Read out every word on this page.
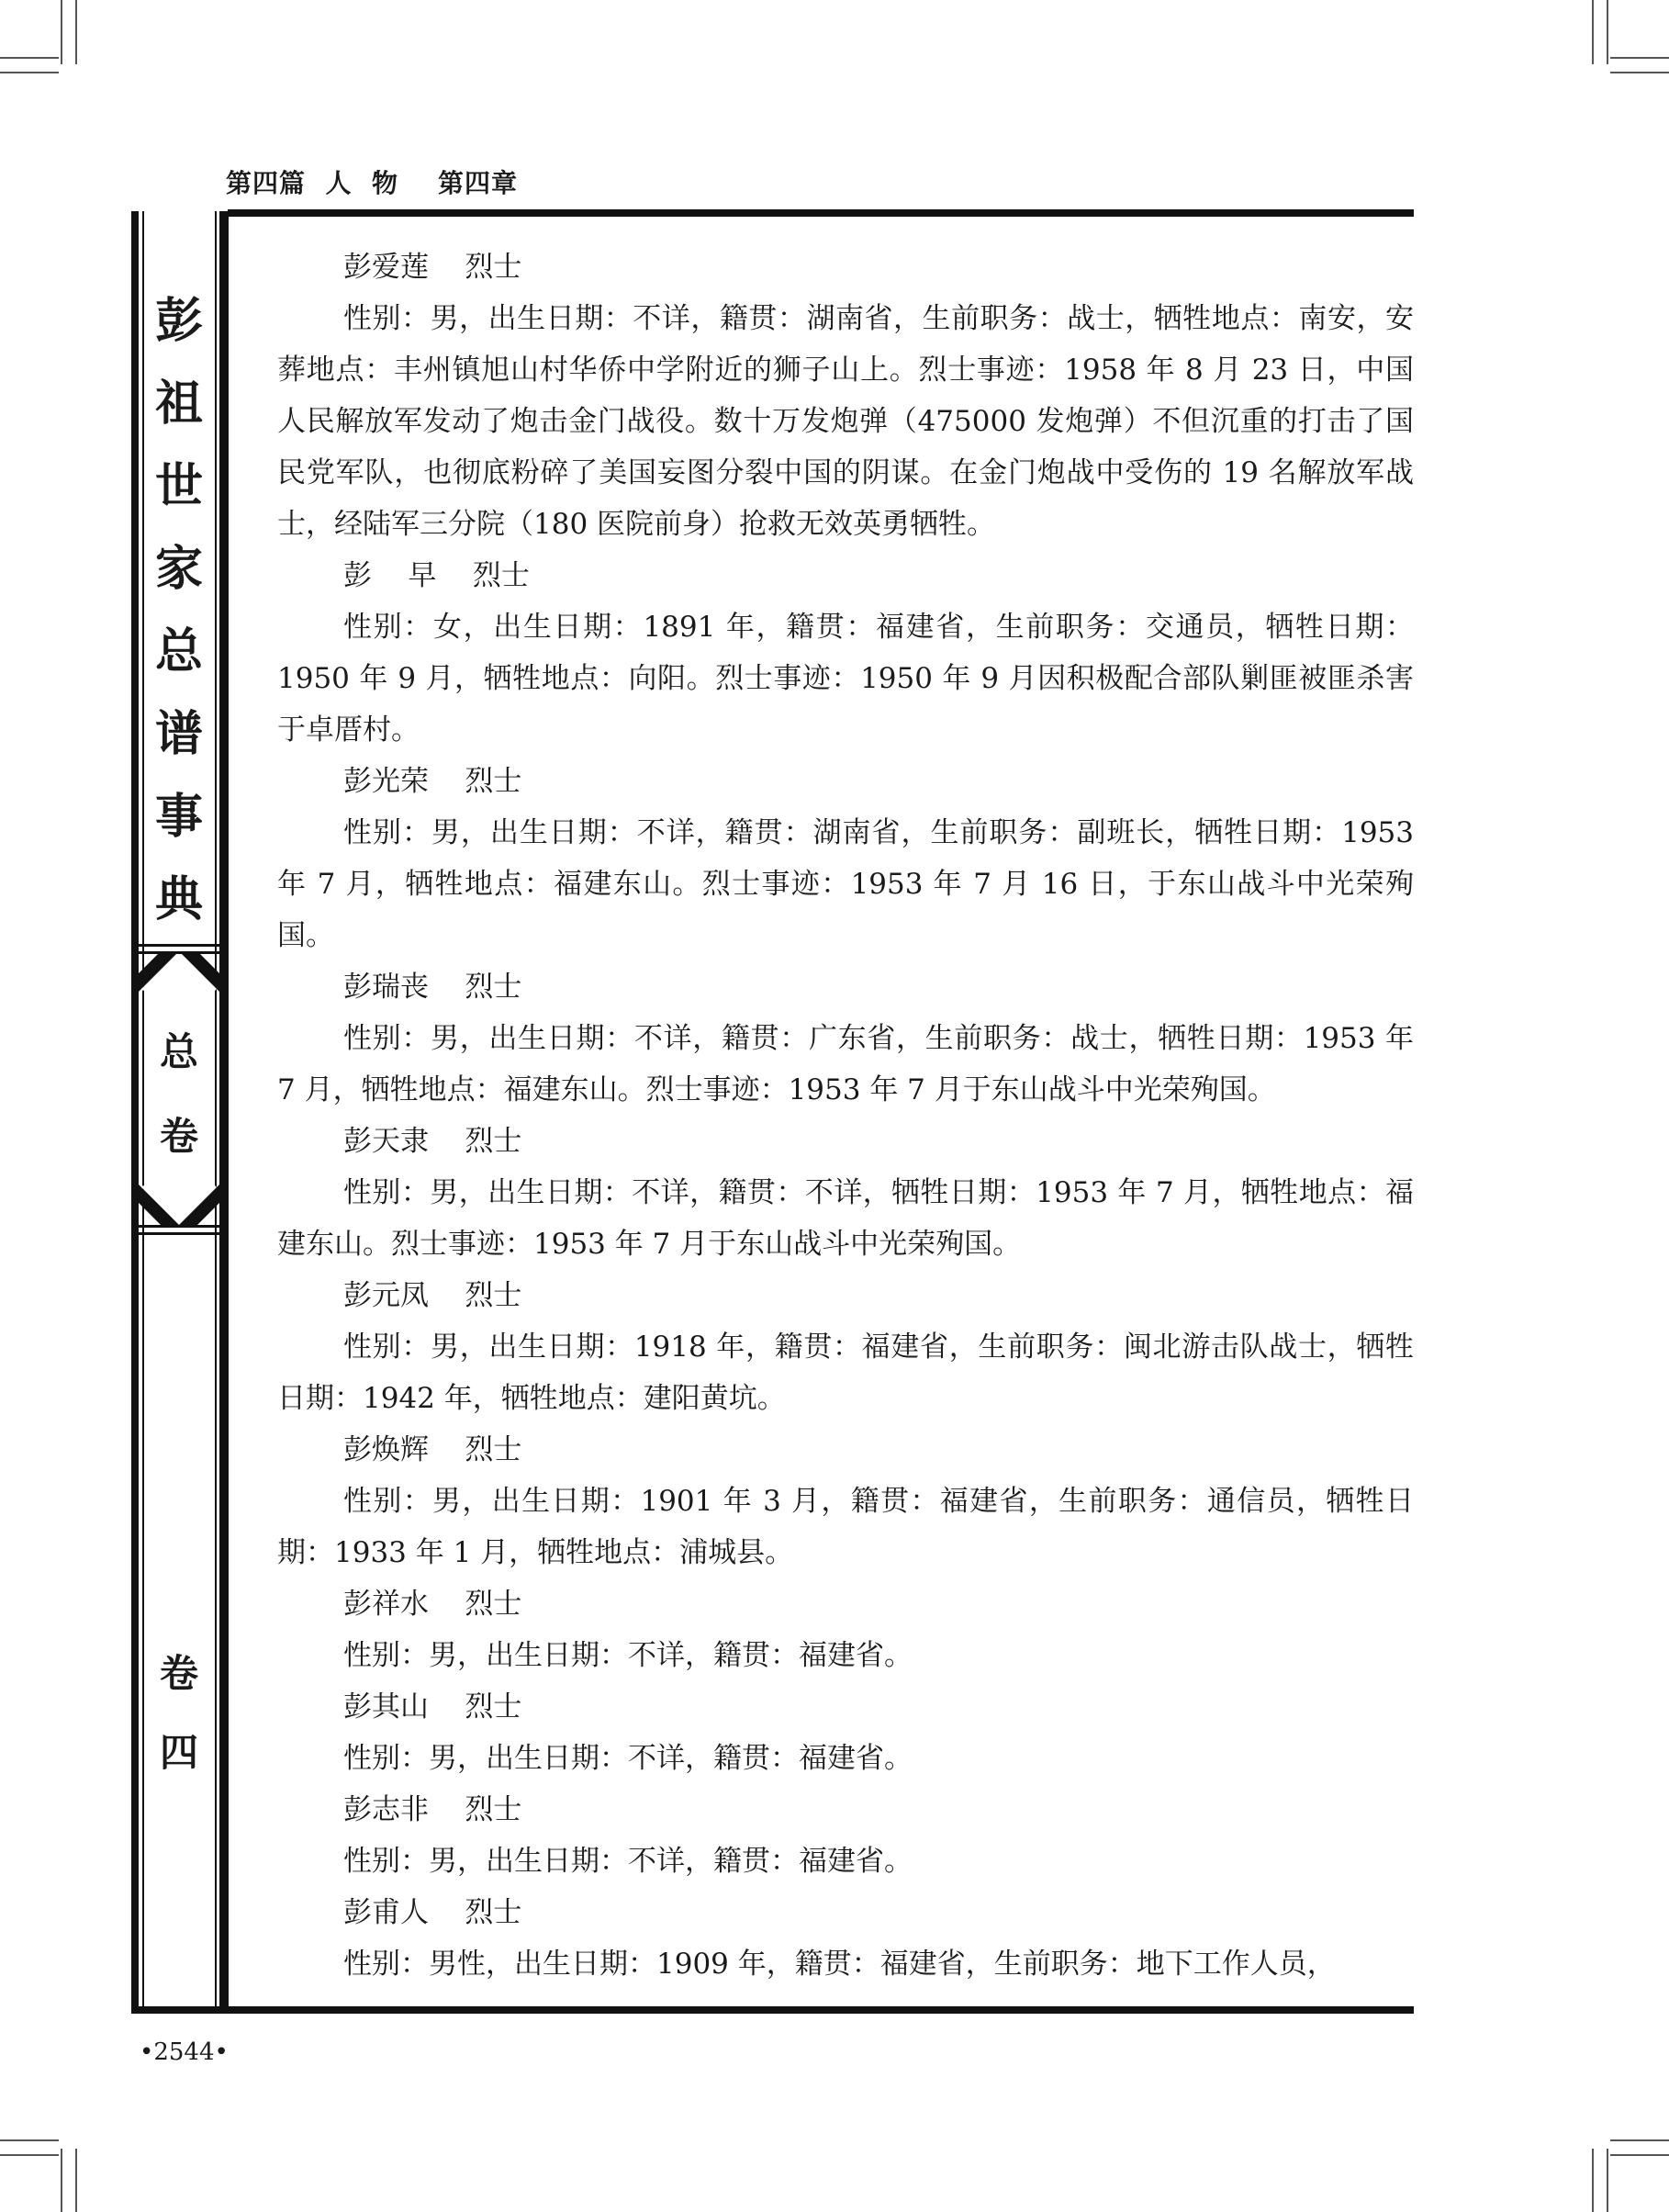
第四篇  人  物    第四章
彭
祖
世
家
总
谱
事
典
总
卷
卷
四
彭爱莲    烈士

性别：男，出生日期：不详，籍贯：湖南省，生前职务：战士，牺牲地点：南安，安葬地点：丰州镇旭山村华侨中学附近的狮子山上。烈士事迹：1958 年 8 月 23 日，中国人民解放军发动了炮击金门战役。数十万发炮弹（475000 发炮弹）不但沉重的打击了国民党军队，也彻底粉碎了美国妄图分裂中国的阴谋。在金门炮战中受伤的 19 名解放军战士，经陆军三分院（180 医院前身）抢救无效英勇牺牲。

彭    早    烈士

性别：女，出生日期：1891 年，籍贯：福建省，生前职务：交通员，牺牲日期：1950 年 9 月，牺牲地点：向阳。烈士事迹：1950 年 9 月因积极配合部队剿匪被匪杀害于卓厝村。

彭光荣    烈士

性别：男，出生日期：不详，籍贯：湖南省，生前职务：副班长，牺牲日期：1953 年 7 月，牺牲地点：福建东山。烈士事迹：1953 年 7 月 16 日，于东山战斗中光荣殉国。

彭瑞丧    烈士

性别：男，出生日期：不详，籍贯：广东省，生前职务：战士，牺牲日期：1953 年 7 月，牺牲地点：福建东山。烈士事迹：1953 年 7 月于东山战斗中光荣殉国。

彭天隶    烈士

性别：男，出生日期：不详，籍贯：不详，牺牲日期：1953 年 7 月，牺牲地点：福建东山。烈士事迹：1953 年 7 月于东山战斗中光荣殉国。

彭元凤    烈士

性别：男，出生日期：1918 年，籍贯：福建省，生前职务：闽北游击队战士，牺牲日期：1942 年，牺牲地点：建阳黄坑。

彭焕辉    烈士

性别：男，出生日期：1901 年 3 月，籍贯：福建省，生前职务：通信员，牺牲日期：1933 年 1 月，牺牲地点：浦城县。

彭祥水    烈士

性别：男，出生日期：不详，籍贯：福建省。

彭其山    烈士

性别：男，出生日期：不详，籍贯：福建省。

彭志非    烈士

性别：男，出生日期：不详，籍贯：福建省。

彭甫人    烈士

性别：男性，出生日期：1909 年，籍贯：福建省，生前职务：地下工作人员，

•2544•
